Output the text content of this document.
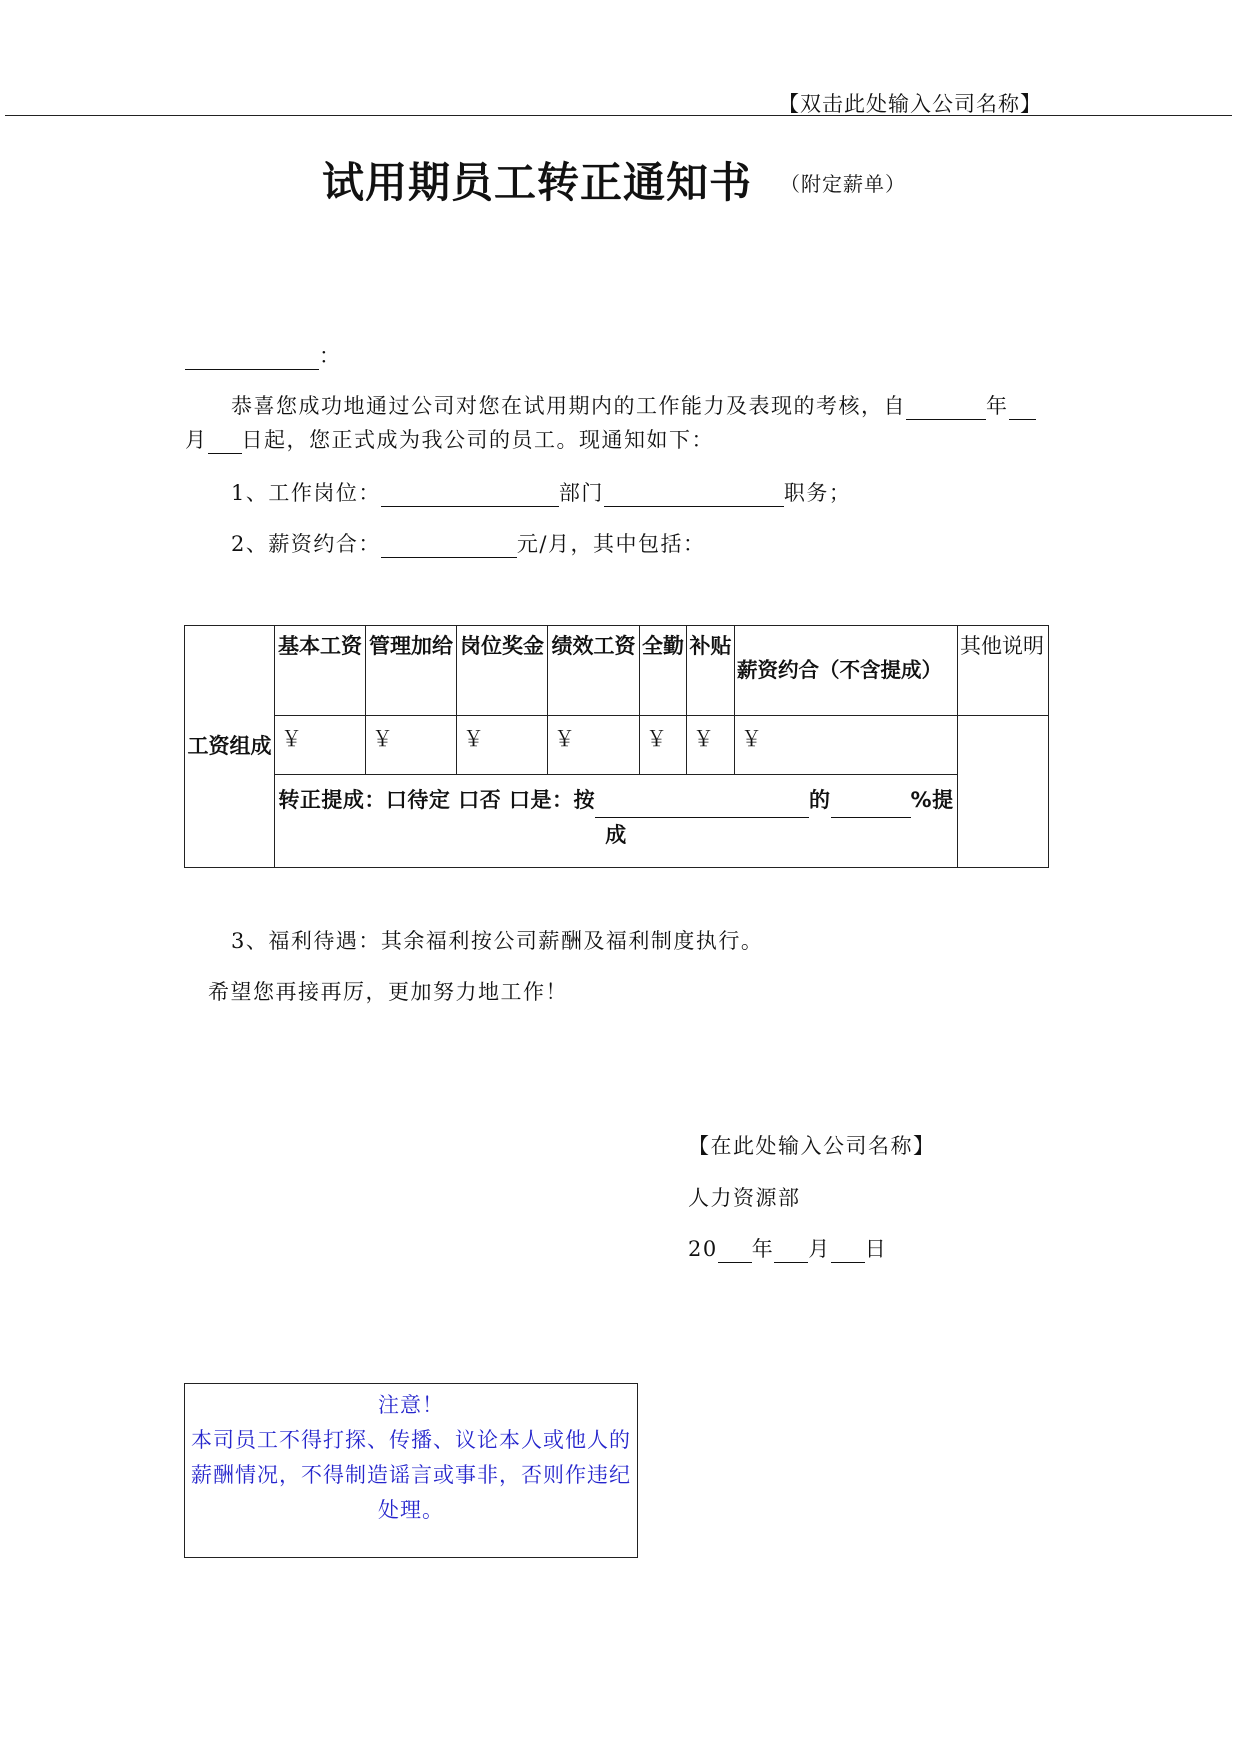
【双击此处输入公司名称】
试用期员工转正通知书 （附定薪单）
：
恭喜您成功地通过公司对您在试用期内的工作能力及表现的考核，自	年
月 日起，您正式成为我公司的员工。现通知如下：
1、工作岗位：	部门	职务；
2、薪资约合：	元/月，其中包括：
工资组成	基本工资	管理加给	岗位奖金	绩效工资	全勤	补贴	薪资约合（不含提成）	其他说明
	￥	￥	￥	￥	￥	￥	￥	
	转正提成：口待定 口否 口是：按 的 %提成							
3、福利待遇：其余福利按公司薪酬及福利制度执行。
希望您再接再厉，更加努力地工作！
【在此处输入公司名称】
人力资源部
20 年 月 日
注意！
本司员工不得打探、传播、议论本人或他人的薪酬情况，不得制造谣言或事非，否则作违纪处理。
